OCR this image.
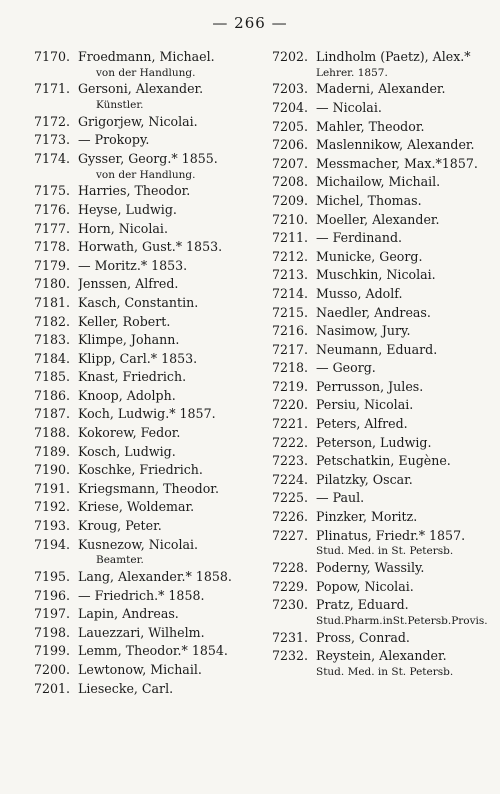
— 266 —
7170. Froedmann, Michael.
von der Handlung.
7171. Gersoni, Alexander.
Künstler.
7172. Grigorjew, Nicolai.
7173. — Prokopy.
7174. Gysser, Georg.* 1855.
von der Handlung.
7175. Harries, Theodor.
7176. Heyse, Ludwig.
7177. Horn, Nicolai.
7178. Horwath, Gust.* 1853.
7179. — Moritz.* 1853.
7180. Jenssen, Alfred.
7181. Kasch, Constantin.
7182. Keller, Robert.
7183. Klimpe, Johann.
7184. Klipp, Carl.* 1853.
7185. Knast, Friedrich.
7186. Knoop, Adolph.
7187. Koch, Ludwig.* 1857.
7188. Kokorew, Fedor.
7189. Kosch, Ludwig.
7190. Koschke, Friedrich.
7191. Kriegsmann, Theodor.
7192. Kriese, Woldemar.
7193. Kroug, Peter.
7194. Kusnezow, Nicolai.
Beamter.
7195. Lang, Alexander.* 1858.
7196. — Friedrich.* 1858.
7197. Lapin, Andreas.
7198. Lauezzari, Wilhelm.
7199. Lemm, Theodor.* 1854.
7200. Lewtonow, Michail.
7201. Liesecke, Carl.
7202. Lindholm (Paetz), Alex.*
Lehrer. 1857.
7203. Maderni, Alexander.
7204. — Nicolai.
7205. Mahler, Theodor.
7206. Maslennikow, Alexander.
7207. Messmacher, Max.*1857.
7208. Michailow, Michail.
7209. Michel, Thomas.
7210. Moeller, Alexander.
7211. — Ferdinand.
7212. Municke, Georg.
7213. Muschkin, Nicolai.
7214. Musso, Adolf.
7215. Naedler, Andreas.
7216. Nasimow, Jury.
7217. Neumann, Eduard.
7218. — Georg.
7219. Perrusson, Jules.
7220. Persiu, Nicolai.
7221. Peters, Alfred.
7222. Peterson, Ludwig.
7223. Petschatkin, Eugène.
7224. Pilatzky, Oscar.
7225. — Paul.
7226. Pinzker, Moritz.
7227. Plinatus, Friedr.* 1857.
Stud. Med. in St. Petersb.
7228. Poderny, Wassily.
7229. Popow, Nicolai.
7230. Pratz, Eduard.
Stud.Pharm.inSt.Petersb.Provis.
7231. Pross, Conrad.
7232. Reystein, Alexander.
Stud. Med. in St. Petersb.
